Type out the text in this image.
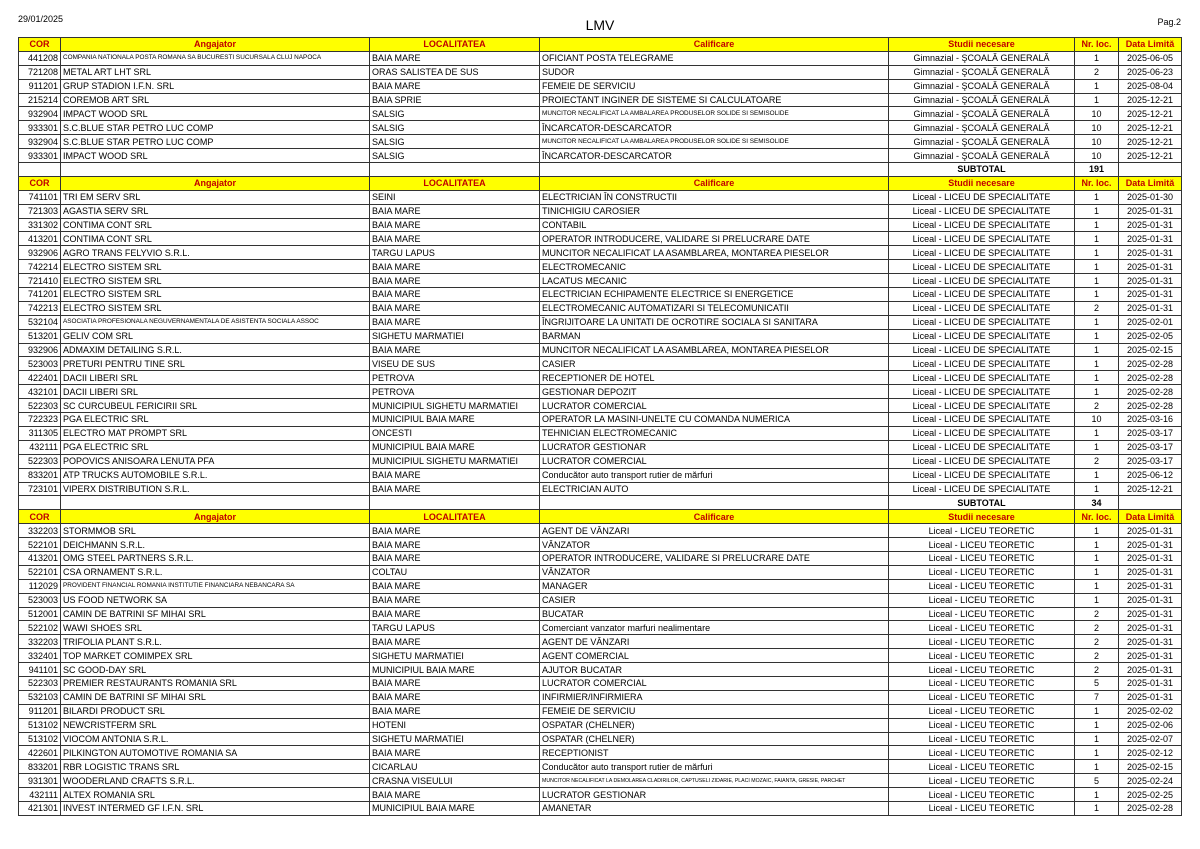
29/01/2025	LMV	Pag.2
COR	Angajator	LOCALITATEA	Calificare	Studii necesare	Nr. loc.	Data Limită
441208	COMPANIA NATIONALA POSTA ROMANA SA BUCURESTI SUCURSALA CLUJ NAPOCA	BAIA MARE	OFICIANT POSTA TELEGRAME	Gimnazial - ŞCOALĂ GENERALĂ	1	2025-06-05
721208	METAL ART LHT SRL	ORAS SALISTEA DE SUS	SUDOR	Gimnazial - ŞCOALĂ GENERALĂ	2	2025-06-23
911201	GRUP STADION I.F.N. SRL	BAIA MARE	FEMEIE DE SERVICIU	Gimnazial - ŞCOALĂ GENERALĂ	1	2025-08-04
215214	COREMOB ART SRL	BAIA SPRIE	PROIECTANT INGINER DE SISTEME SI CALCULATOARE	Gimnazial - ŞCOALĂ GENERALĂ	1	2025-12-21
932904	IMPACT WOOD SRL	SALSIG	MUNCITOR NECALIFICAT LA AMBALAREA PRODUSELOR SOLIDE SI SEMISOLIDE	Gimnazial - ŞCOALĂ GENERALĂ	10	2025-12-21
933301	S.C.BLUE STAR PETRO LUC COMP	SALSIG	ÎNCARCATOR-DESCARCATOR	Gimnazial - ŞCOALĂ GENERALĂ	10	2025-12-21
932904	S.C.BLUE STAR PETRO LUC COMP	SALSIG	MUNCITOR NECALIFICAT LA AMBALAREA PRODUSELOR SOLIDE SI SEMISOLIDE	Gimnazial - ŞCOALĂ GENERALĂ	10	2025-12-21
933301	IMPACT WOOD SRL	SALSIG	ÎNCARCATOR-DESCARCATOR	Gimnazial - ŞCOALĂ GENERALĂ	10	2025-12-21
				SUBTOTAL	191	
COR	Angajator	LOCALITATEA	Calificare	Studii necesare	Nr. loc.	Data Limită
741101	TRI EM SERV SRL	SEINI	ELECTRICIAN ÎN CONSTRUCTII	Liceal - LICEU DE SPECIALITATE	1	2025-01-30
721303	AGASTIA SERV SRL	BAIA MARE	TINICHIGIU CAROSIER	Liceal - LICEU DE SPECIALITATE	1	2025-01-31
331302	CONTIMA CONT SRL	BAIA MARE	CONTABIL	Liceal - LICEU DE SPECIALITATE	1	2025-01-31
413201	CONTIMA CONT SRL	BAIA MARE	OPERATOR INTRODUCERE, VALIDARE SI PRELUCRARE DATE	Liceal - LICEU DE SPECIALITATE	1	2025-01-31
932906	AGRO TRANS FELYVIO S.R.L.	TARGU LAPUS	MUNCITOR NECALIFICAT LA ASAMBLAREA, MONTAREA PIESELOR	Liceal - LICEU DE SPECIALITATE	1	2025-01-31
742214	ELECTRO SISTEM SRL	BAIA MARE	ELECTROMECANIC	Liceal - LICEU DE SPECIALITATE	1	2025-01-31
721410	ELECTRO SISTEM SRL	BAIA MARE	LACATUS MECANIC	Liceal - LICEU DE SPECIALITATE	1	2025-01-31
741201	ELECTRO SISTEM SRL	BAIA MARE	ELECTRICIAN ECHIPAMENTE ELECTRICE SI ENERGETICE	Liceal - LICEU DE SPECIALITATE	1	2025-01-31
742213	ELECTRO SISTEM SRL	BAIA MARE	ELECTROMECANIC AUTOMATIZARI SI TELECOMUNICATII	Liceal - LICEU DE SPECIALITATE	2	2025-01-31
532104	ASOCIATIA PROFESIONALA NEGUVERNAMENTALA DE ASISTENTA SOCIALA ASSOC	BAIA MARE	ÎNGRIJITOARE LA UNITATI DE OCROTIRE SOCIALA SI SANITARA	Liceal - LICEU DE SPECIALITATE	1	2025-02-01
513201	GELIV COM SRL	SIGHETU MARMATIEI	BARMAN	Liceal - LICEU DE SPECIALITATE	1	2025-02-05
932906	ADMAXIM DETAILING S.R.L.	BAIA MARE	MUNCITOR NECALIFICAT LA ASAMBLAREA, MONTAREA PIESELOR	Liceal - LICEU DE SPECIALITATE	1	2025-02-15
523003	PRETURI PENTRU TINE SRL	VISEU DE SUS	CASIER	Liceal - LICEU DE SPECIALITATE	1	2025-02-28
422401	DACII LIBERI SRL	PETROVA	RECEPTIONER DE HOTEL	Liceal - LICEU DE SPECIALITATE	1	2025-02-28
432101	DACII LIBERI SRL	PETROVA	GESTIONAR DEPOZIT	Liceal - LICEU DE SPECIALITATE	1	2025-02-28
522303	SC CURCUBEUL FERICIRII SRL	MUNICIPIUL SIGHETU MARMATIEI	LUCRATOR COMERCIAL	Liceal - LICEU DE SPECIALITATE	2	2025-02-28
722323	PGA ELECTRIC SRL	MUNICIPIUL BAIA MARE	OPERATOR LA MASINI-UNELTE CU COMANDA NUMERICA	Liceal - LICEU DE SPECIALITATE	10	2025-03-16
311305	ELECTRO MAT PROMPT SRL	ONCESTI	TEHNICIAN ELECTROMECANIC	Liceal - LICEU DE SPECIALITATE	1	2025-03-17
432111	PGA ELECTRIC SRL	MUNICIPIUL BAIA MARE	LUCRATOR GESTIONAR	Liceal - LICEU DE SPECIALITATE	1	2025-03-17
522303	POPOVICS ANISOARA LENUTA PFA	MUNICIPIUL SIGHETU MARMATIEI	LUCRATOR COMERCIAL	Liceal - LICEU DE SPECIALITATE	2	2025-03-17
833201	ATP TRUCKS AUTOMOBILE S.R.L.	BAIA MARE	Conducător auto transport rutier de mărfuri	Liceal - LICEU DE SPECIALITATE	1	2025-06-12
723101	VIPERX DISTRIBUTION S.R.L.	BAIA MARE	ELECTRICIAN AUTO	Liceal - LICEU DE SPECIALITATE	1	2025-12-21
				SUBTOTAL	34	
COR	Angajator	LOCALITATEA	Calificare	Studii necesare	Nr. loc.	Data Limită
332203	STORMMOB SRL	BAIA MARE	AGENT DE VÂNZARI	Liceal - LICEU TEORETIC	1	2025-01-31
522101	DEICHMANN S.R.L.	BAIA MARE	VÂNZATOR	Liceal - LICEU TEORETIC	1	2025-01-31
413201	OMG STEEL PARTNERS S.R.L.	BAIA MARE	OPERATOR INTRODUCERE, VALIDARE SI PRELUCRARE DATE	Liceal - LICEU TEORETIC	1	2025-01-31
522101	CSA ORNAMENT S.R.L.	COLTAU	VÂNZATOR	Liceal - LICEU TEORETIC	1	2025-01-31
112029	PROVIDENT FINANCIAL ROMANIA INSTITUTIE FINANCIARA NEBANCARA SA	BAIA MARE	MANAGER	Liceal - LICEU TEORETIC	1	2025-01-31
523003	US FOOD NETWORK SA	BAIA MARE	CASIER	Liceal - LICEU TEORETIC	1	2025-01-31
512001	CAMIN DE BATRINI SF MIHAI SRL	BAIA MARE	BUCATAR	Liceal - LICEU TEORETIC	2	2025-01-31
522102	WAWI SHOES SRL	TARGU LAPUS	Comerciant vanzator marfuri nealimentare	Liceal - LICEU TEORETIC	2	2025-01-31
332203	TRIFOLIA PLANT S.R.L.	BAIA MARE	AGENT DE VÂNZARI	Liceal - LICEU TEORETIC	2	2025-01-31
332401	TOP MARKET COMIMPEX SRL	SIGHETU MARMATIEI	AGENT COMERCIAL	Liceal - LICEU TEORETIC	2	2025-01-31
941101	SC GOOD-DAY SRL	MUNICIPIUL BAIA MARE	AJUTOR BUCATAR	Liceal - LICEU TEORETIC	2	2025-01-31
522303	PREMIER RESTAURANTS ROMANIA SRL	BAIA MARE	LUCRATOR COMERCIAL	Liceal - LICEU TEORETIC	5	2025-01-31
532103	CAMIN DE BATRINI SF MIHAI SRL	BAIA MARE	INFIRMIER/INFIRMIERA	Liceal - LICEU TEORETIC	7	2025-01-31
911201	BILARDI PRODUCT SRL	BAIA MARE	FEMEIE DE SERVICIU	Liceal - LICEU TEORETIC	1	2025-02-02
513102	NEWCRISTFERM SRL	HOTENI	OSPATAR (CHELNER)	Liceal - LICEU TEORETIC	1	2025-02-06
513102	VIOCOM ANTONIA S.R.L.	SIGHETU MARMATIEI	OSPATAR (CHELNER)	Liceal - LICEU TEORETIC	1	2025-02-07
422601	PILKINGTON AUTOMOTIVE ROMANIA SA	BAIA MARE	RECEPTIONIST	Liceal - LICEU TEORETIC	1	2025-02-12
833201	RBR LOGISTIC TRANS SRL	CICARLAU	Conducător auto transport rutier de mărfuri	Liceal - LICEU TEORETIC	1	2025-02-15
931301	WOODERLAND CRAFTS S.R.L.	CRASNA VISEULUI	MUNCITOR NECALIFICAT LA DEMOLAREA CLADIRILOR, CAPTUSELI ZIDARIE, PLACI MOZAIC, FAIANTA, GRESIE, PARCHET	Liceal - LICEU TEORETIC	5	2025-02-24
432111	ALTEX ROMANIA SRL	BAIA MARE	LUCRATOR GESTIONAR	Liceal - LICEU TEORETIC	1	2025-02-25
421301	INVEST INTERMED GF I.F.N. SRL	MUNICIPIUL BAIA MARE	AMANETAR	Liceal - LICEU TEORETIC	1	2025-02-28
